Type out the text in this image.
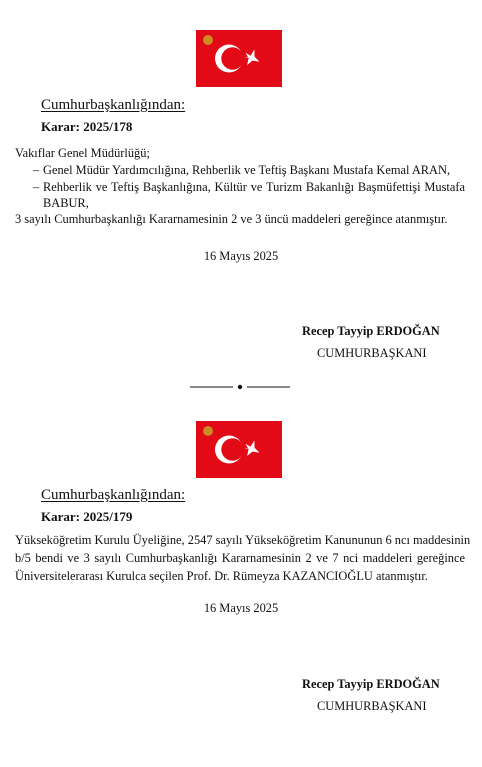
Cumhurbaşkanlığından:
Karar: 2025/178
Vakıflar Genel Müdürlüğü;
– Genel Müdür Yardımcılığına, Rehberlik ve Teftiş Başkanı Mustafa Kemal ARAN,
– Rehberlik ve Teftiş Başkanlığına, Kültür ve Turizm Bakanlığı Başmüfettişi Mustafa
BABUR,
3 sayılı Cumhurbaşkanlığı Kararnamesinin 2 ve 3 üncü maddeleri gereğince atanmıştır.
16 Mayıs 2025
Recep Tayyip ERDOĞAN
CUMHURBAŞKANI
Cumhurbaşkanlığından:
Karar: 2025/179
Yükseköğretim Kurulu Üyeliğine, 2547 sayılı Yükseköğretim Kanununun 6 ncı maddesinin
b/5 bendi ve 3 sayılı Cumhurbaşkanlığı Kararnamesinin 2 ve 7 nci maddeleri gereğince
Üniversitelerarası Kurulca seçilen Prof. Dr. Rümeyza KAZANCIOĞLU atanmıştır.
16 Mayıs 2025
Recep Tayyip ERDOĞAN
CUMHURBAŞKANI
